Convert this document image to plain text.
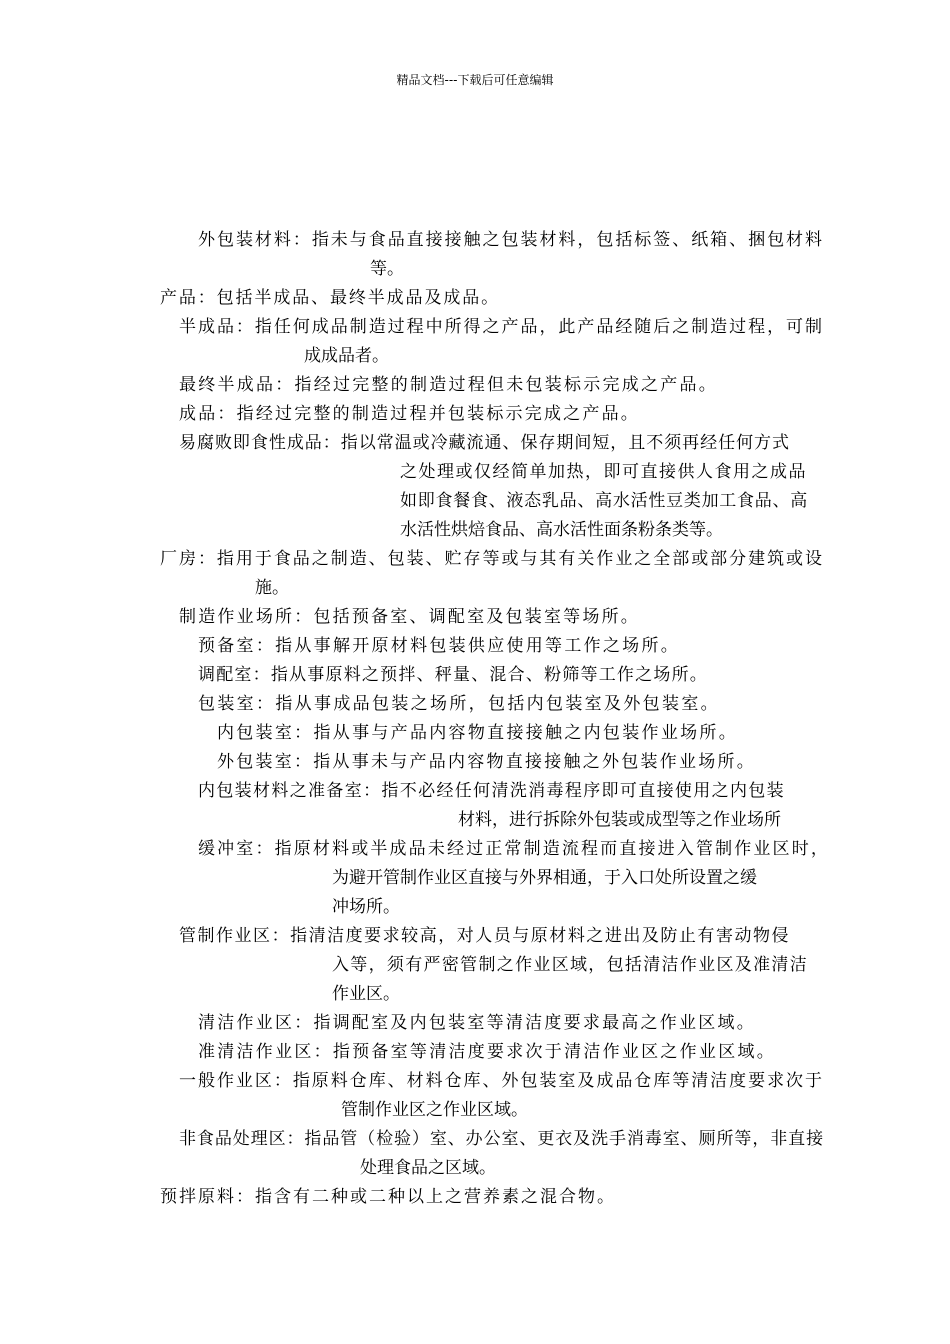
精品文档---下载后可任意编辑
外包装材料：指未与食品直接接触之包装材料，包括标签、纸箱、捆包材料
等。
产品：包括半成品、最终半成品及成品。
半成品：指任何成品制造过程中所得之产品，此产品经随后之制造过程，可制
成成品者。
最终半成品：指经过完整的制造过程但未包装标示完成之产品。
成品：指经过完整的制造过程并包装标示完成之产品。
易腐败即食性成品：指以常温或冷藏流通、保存期间短，且不须再经任何方式
之处理或仅经简单加热，即可直接供人食用之成品
如即食餐食、液态乳品、高水活性豆类加工食品、高
水活性烘焙食品、高水活性面条粉条类等。
厂房：指用于食品之制造、包装、贮存等或与其有关作业之全部或部分建筑或设
施。
制造作业场所：包括预备室、调配室及包装室等场所。
预备室：指从事解开原材料包装供应使用等工作之场所。
调配室：指从事原料之预拌、秤量、混合、粉筛等工作之场所。
包装室：指从事成品包装之场所，包括内包装室及外包装室。
内包装室：指从事与产品内容物直接接触之内包装作业场所。
外包装室：指从事未与产品内容物直接接触之外包装作业场所。
内包装材料之准备室：指不必经任何清洗消毒程序即可直接使用之内包装
材料，进行拆除外包装或成型等之作业场所
缓冲室：指原材料或半成品未经过正常制造流程而直接进入管制作业区时，
为避开管制作业区直接与外界相通，于入口处所设置之缓
冲场所。
管制作业区：指清洁度要求较高，对人员与原材料之进出及防止有害动物侵
入等，须有严密管制之作业区域，包括清洁作业区及准清洁
作业区。
清洁作业区：指调配室及内包装室等清洁度要求最高之作业区域。
准清洁作业区：指预备室等清洁度要求次于清洁作业区之作业区域。
一般作业区：指原料仓库、材料仓库、外包装室及成品仓库等清洁度要求次于
管制作业区之作业区域。
非食品处理区：指品管（检验）室、办公室、更衣及洗手消毒室、厕所等，非直接
处理食品之区域。
预拌原料：指含有二种或二种以上之营养素之混合物。
